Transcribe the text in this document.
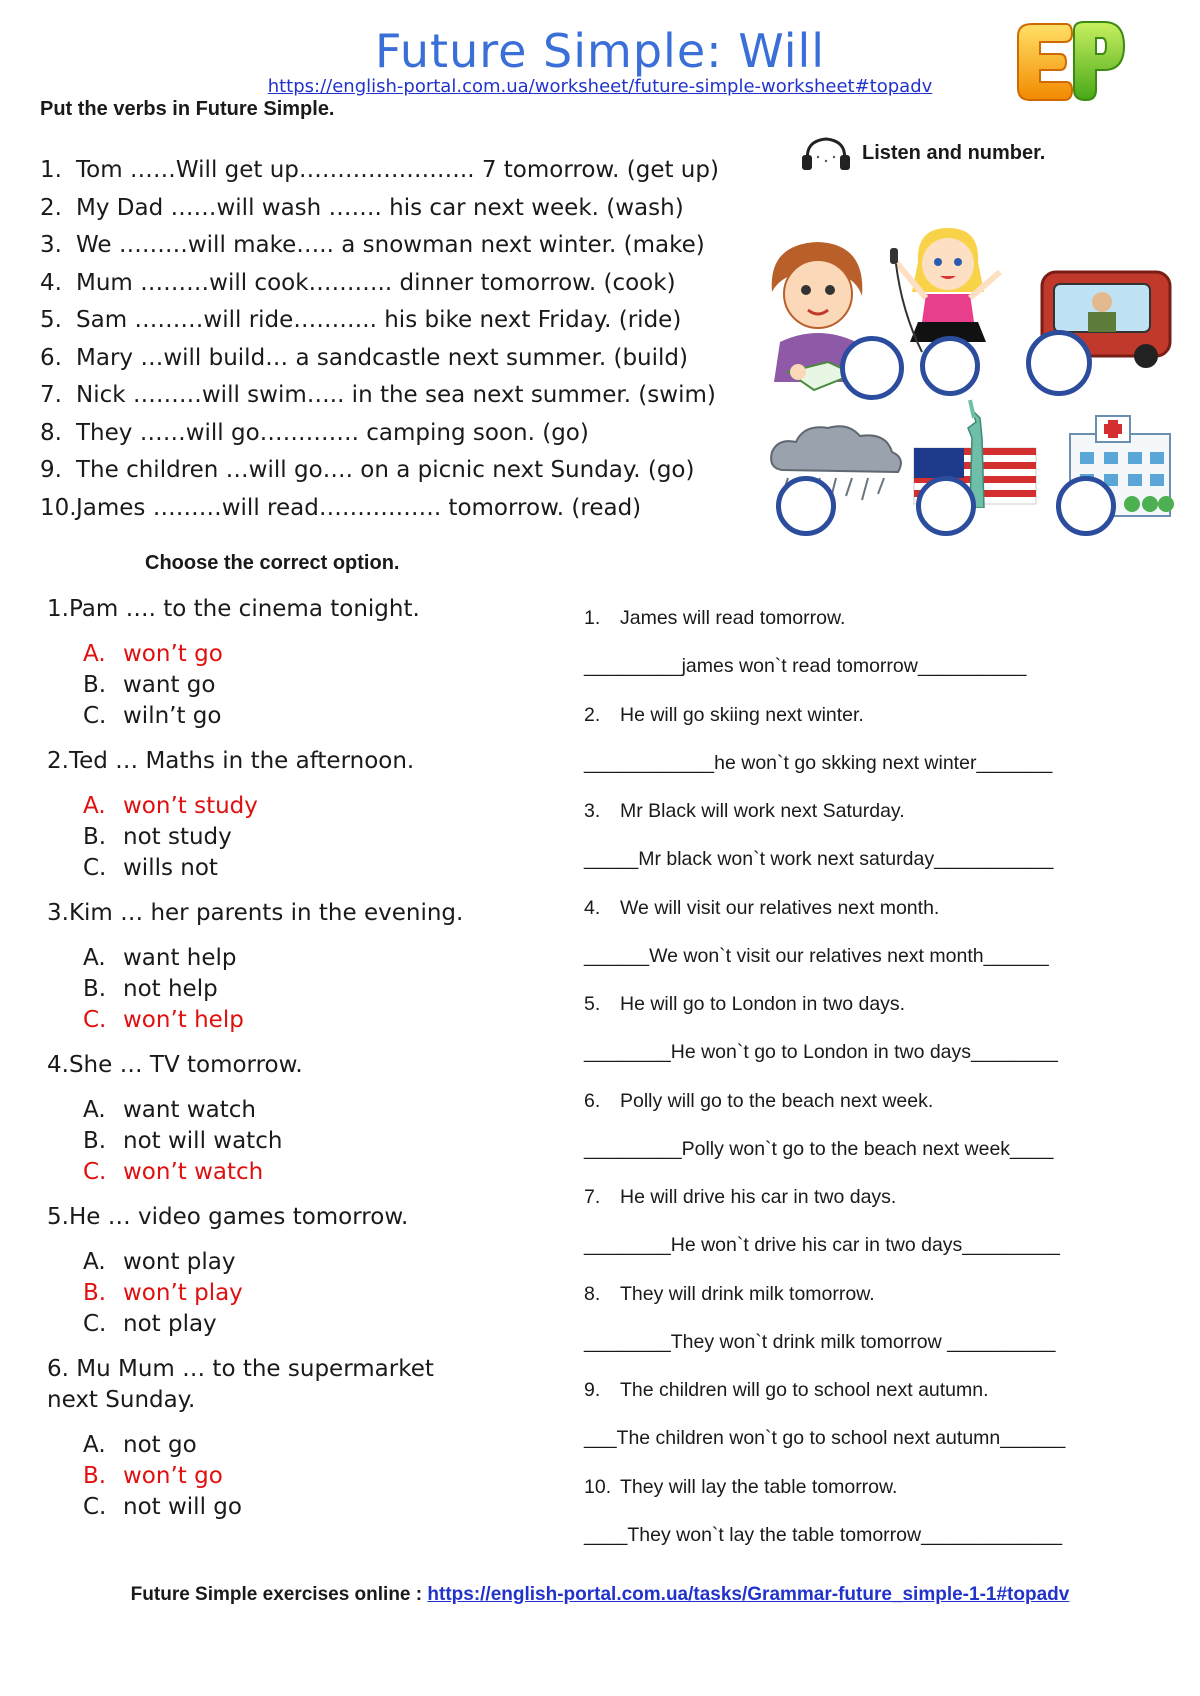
Future Simple: Will
https://english-portal.com.ua/worksheet/future-simple-worksheet#topadv
Put the verbs in Future Simple.
1. Tom ……Will get up………………….. 7 tomorrow. (get up)
2. My Dad ……will wash ……. his car next week. (wash)
3. We ………will make….. a snowman next winter. (make)
4. Mum ………will cook……….. dinner tomorrow. (cook)
5. Sam ………will ride……….. his bike next Friday. (ride)
6. Mary …will build… a sandcastle next summer. (build)
7. Nick ………will swim….. in the sea next summer. (swim)
8. They ……will go…………. camping soon. (go)
9. The children …will go…. on a picnic next Sunday. (go)
10.James ………will read……………. tomorrow. (read)
Listen and number.
Choose the correct option.
1.Pam …. to the cinema tonight.
A. won’t go
B. want go
C. wiln’t go
2.Ted … Maths in the afternoon.
A. won’t study
B. not study
C. wills not
3.Kim … her parents in the evening.
A. want help
B. not help
C. won’t help
4.She … TV tomorrow.
A. want watch
B. not will watch
C. won’t watch
5.He … video games tomorrow.
A. wont play
B. won’t play
C. not play
6. Mu Mum … to the supermarket next Sunday.
A. not go
B. won’t go
C. not will go
1. James will read tomorrow.
_________james won`t read tomorrow__________
2. He will go skiing next winter.
____________he won`t go skking next winter_______
3. Mr Black will work next Saturday.
_____Mr black won`t work next saturday___________
4. We will visit our relatives next month.
______We won`t visit our relatives next month______
5. He will go to London in two days.
________He won`t go to London in two days________
6. Polly will go to the beach next week.
_________Polly won`t go to the beach next week____
7. He will drive his car in two days.
________He won`t drive his car in two days_________
8. They will drink milk tomorrow.
________They won`t drink milk tomorrow __________
9. The children will go to school next autumn.
___The children won`t go to school next autumn______
10. They will lay the table tomorrow.
____They won`t lay the table tomorrow_____________
Future Simple exercises online : https://english-portal.com.ua/tasks/Grammar-future_simple-1-1#topadv
